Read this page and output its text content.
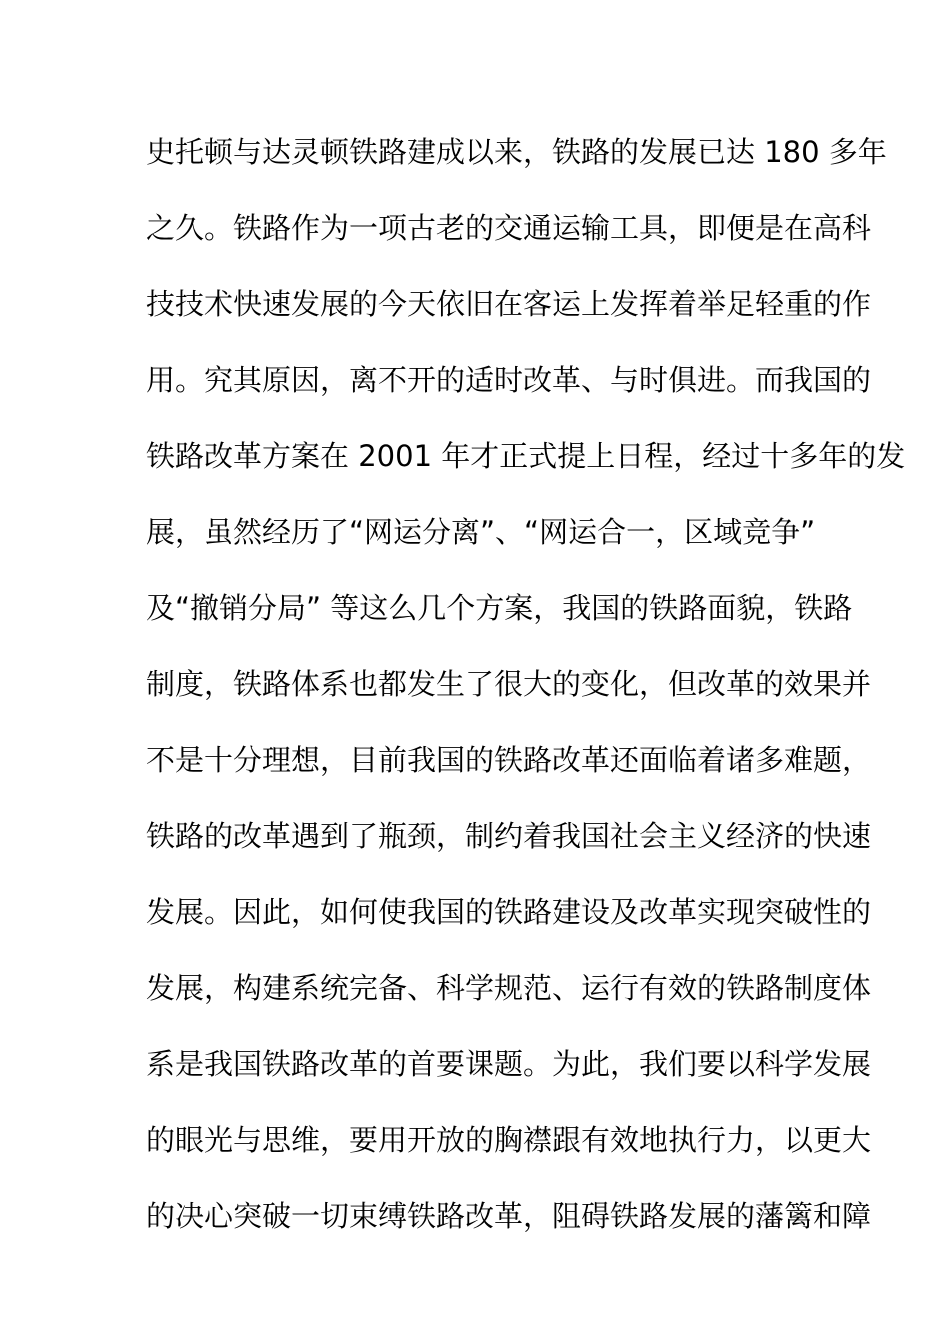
史托顿与达灵顿铁路建成以来，铁路的发展已达 180 多年
之久。铁路作为一项古老的交通运输工具，即便是在高科
技技术快速发展的今天依旧在客运上发挥着举足轻重的作
用。究其原因，离不开的适时改革、与时俱进。而我国的
铁路改革方案在 2001 年才正式提上日程，经过十多年的发
展，虽然经历了“网运分离”、“网运合一，区域竞争”
及“撤销分局” 等这么几个方案，我国的铁路面貌，铁路
制度，铁路体系也都发生了很大的变化，但改革的效果并
不是十分理想，目前我国的铁路改革还面临着诸多难题，
铁路的改革遇到了瓶颈，制约着我国社会主义经济的快速
发展。因此，如何使我国的铁路建设及改革实现突破性的
发展，构建系统完备、科学规范、运行有效的铁路制度体
系是我国铁路改革的首要课题。为此，我们要以科学发展
的眼光与思维，要用开放的胸襟跟有效地执行力，以更大
的决心突破一切束缚铁路改革，阻碍铁路发展的藩篱和障
